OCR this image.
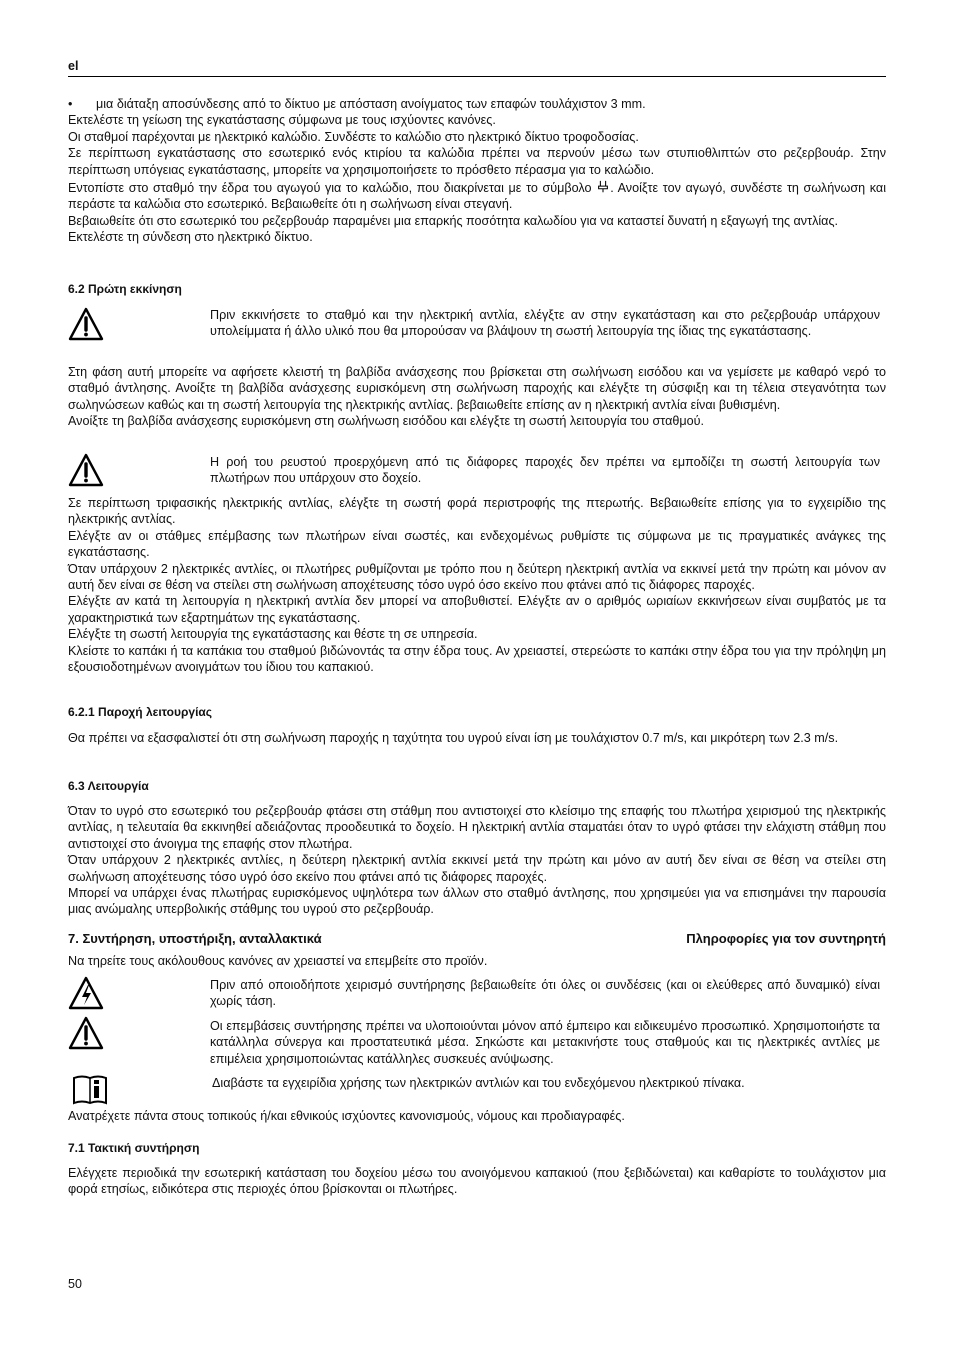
el
•	μια διάταξη αποσύνδεσης από το δίκτυο με απόσταση ανοίγματος των επαφών τουλάχιστον 3 mm.

Εκτελέστε τη γείωση της εγκατάστασης σύμφωνα με τους ισχύοντες κανόνες.

Οι σταθμοί παρέχονται με ηλεκτρικό καλώδιο. Συνδέστε το καλώδιο στο ηλεκτρικό δίκτυο τροφοδοσίας.

Σε περίπτωση εγκατάστασης στο εσωτερικό ενός κτιρίου τα καλώδια πρέπει να περνούν μέσω των στυπιοθλιπτών στο ρεζερβουάρ. Στην περίπτωση υπόγειας εγκατάστασης, μπορείτε να χρησιμοποιήσετε το πρόσθετο πέρασμα για το καλώδιο.

Εντοπίστε στο σταθμό την έδρα του αγωγού για το καλώδιο, που διακρίνεται με το σύμβολο . Ανοίξτε τον αγωγό, συνδέστε τη σωλήνωση και περάστε τα καλώδια στο εσωτερικό. Βεβαιωθείτε ότι η σωλήνωση είναι στεγανή.

Βεβαιωθείτε ότι στο εσωτερικό του ρεζερβουάρ παραμένει μια επαρκής ποσότητα καλωδίου για να καταστεί δυνατή η εξαγωγή της αντλίας.

Εκτελέστε τη σύνδεση στο ηλεκτρικό δίκτυο.

6.2 Πρώτη εκκίνηση

Πριν εκκινήσετε το σταθμό και την ηλεκτρική αντλία, ελέγξτε αν στην εγκατάσταση και στο ρεζερβουάρ υπάρχουν υπολείμματα ή άλλο υλικό που θα μπορούσαν να βλάψουν τη σωστή λειτουργία της ίδιας της εγκατάστασης.

Στη φάση αυτή μπορείτε να αφήσετε κλειστή τη βαλβίδα ανάσχεσης που βρίσκεται στη σωλήνωση εισόδου και να γεμίσετε με καθαρό νερό το σταθμό άντλησης. Ανοίξτε τη βαλβίδα ανάσχεσης ευρισκόμενη στη σωλήνωση παροχής και ελέγξτε τη σύσφιξη και τη τέλεια στεγανότητα των σωληνώσεων καθώς και τη σωστή λειτουργία της ηλεκτρικής αντλίας. βεβαιωθείτε επίσης αν η ηλεκτρική αντλία είναι βυθισμένη.

Ανοίξτε τη βαλβίδα ανάσχεσης ευρισκόμενη στη σωλήνωση εισόδου και ελέγξτε τη σωστή λειτουργία του σταθμού.

Η ροή του ρευστού προερχόμενη από τις διάφορες παροχές δεν πρέπει να εμποδίζει τη σωστή λειτουργία των πλωτήρων που υπάρχουν στο δοχείο.

Σε περίπτωση τριφασικής ηλεκτρικής αντλίας, ελέγξτε τη σωστή φορά περιστροφής της πτερωτής. Βεβαιωθείτε επίσης για το εγχειρίδιο της ηλεκτρικής αντλίας.

Ελέγξτε αν οι στάθμες επέμβασης των πλωτήρων είναι σωστές, και ενδεχομένως ρυθμίστε τις σύμφωνα με τις πραγματικές ανάγκες της εγκατάστασης.

Όταν υπάρχουν 2 ηλεκτρικές αντλίες, οι πλωτήρες ρυθμίζονται με τρόπο που η δεύτερη ηλεκτρική αντλία να εκκινεί μετά την πρώτη και μόνον αν αυτή δεν είναι σε θέση να στείλει στη σωλήνωση αποχέτευσης τόσο υγρό όσο εκείνο που φτάνει από τις διάφορες παροχές.

Ελέγξτε αν κατά τη λειτουργία η ηλεκτρική αντλία δεν μπορεί να αποβυθιστεί. Ελέγξτε αν ο αριθμός ωριαίων εκκινήσεων είναι συμβατός με τα χαρακτηριστικά των εξαρτημάτων της εγκατάστασης.

Ελέγξτε τη σωστή λειτουργία της εγκατάστασης και θέστε τη σε υπηρεσία.

Κλείστε το καπάκι ή τα καπάκια του σταθμού βιδώνοντάς τα στην έδρα τους. Αν χρειαστεί, στερεώστε το καπάκι στην έδρα του για την πρόληψη μη εξουσιοδοτημένων ανοιγμάτων του ίδιου του καπακιού.

6.2.1 Παροχή λειτουργίας

Θα πρέπει να εξασφαλιστεί ότι στη σωλήνωση παροχής η ταχύτητα του υγρού είναι ίση με τουλάχιστον 0.7 m/s, και μικρότερη των 2.3 m/s.

6.3 Λειτουργία

Όταν το υγρό στο εσωτερικό του ρεζερβουάρ φτάσει στη στάθμη που αντιστοιχεί στο κλείσιμο της επαφής του πλωτήρα χειρισμού της ηλεκτρικής αντλίας, η τελευταία θα εκκινηθεί αδειάζοντας προοδευτικά το δοχείο. Η ηλεκτρική αντλία σταματάει όταν το υγρό φτάσει την ελάχιστη στάθμη που αντιστοιχεί στο άνοιγμα της επαφής στον πλωτήρα.

Όταν υπάρχουν 2 ηλεκτρικές αντλίες, η δεύτερη ηλεκτρική αντλία εκκινεί μετά την πρώτη και μόνο αν αυτή δεν είναι σε θέση να στείλει στη σωλήνωση αποχέτευσης τόσο υγρό όσο εκείνο που φτάνει από τις διάφορες παροχές.

Μπορεί να υπάρχει ένας πλωτήρας ευρισκόμενος υψηλότερα των άλλων στο σταθμό άντλησης, που χρησιμεύει για να επισημάνει την παρουσία μιας ανώμαλης υπερβολικής στάθμης του υγρού στο ρεζερβουάρ.

7. Συντήρηση, υποστήριξη, ανταλλακτικά	Πληροφορίες για τον συντηρητή

Να τηρείτε τους ακόλουθους κανόνες αν χρειαστεί να επεμβείτε στο προϊόν.

Πριν από οποιοδήποτε χειρισμό συντήρησης βεβαιωθείτε ότι όλες οι συνδέσεις (και οι ελεύθερες από δυναμικό) είναι χωρίς τάση.

Οι επεμβάσεις συντήρησης πρέπει να υλοποιούνται μόνον από έμπειρο και ειδικευμένο προσωπικό. Χρησιμοποιήστε τα κατάλληλα σύνεργα και προστατευτικά μέσα. Σηκώστε και μετακινήστε τους σταθμούς και τις ηλεκτρικές αντλίες με επιμέλεια χρησιμοποιώντας κατάλληλες συσκευές ανύψωσης.

Διαβάστε τα εγχειρίδια χρήσης των ηλεκτρικών αντλιών και του ενδεχόμενου ηλεκτρικού πίνακα.

Ανατρέχετε πάντα στους τοπικούς ή/και εθνικούς ισχύοντες κανονισμούς, νόμους και προδιαγραφές.

7.1 Τακτική συντήρηση

Ελέγχετε περιοδικά την εσωτερική κατάσταση του δοχείου μέσω του ανοιγόμενου καπακιού (που ξεβιδώνεται) και καθαρίστε το τουλάχιστον μια φορά ετησίως, ειδικότερα στις περιοχές όπου βρίσκονται οι πλωτήρες.

50
